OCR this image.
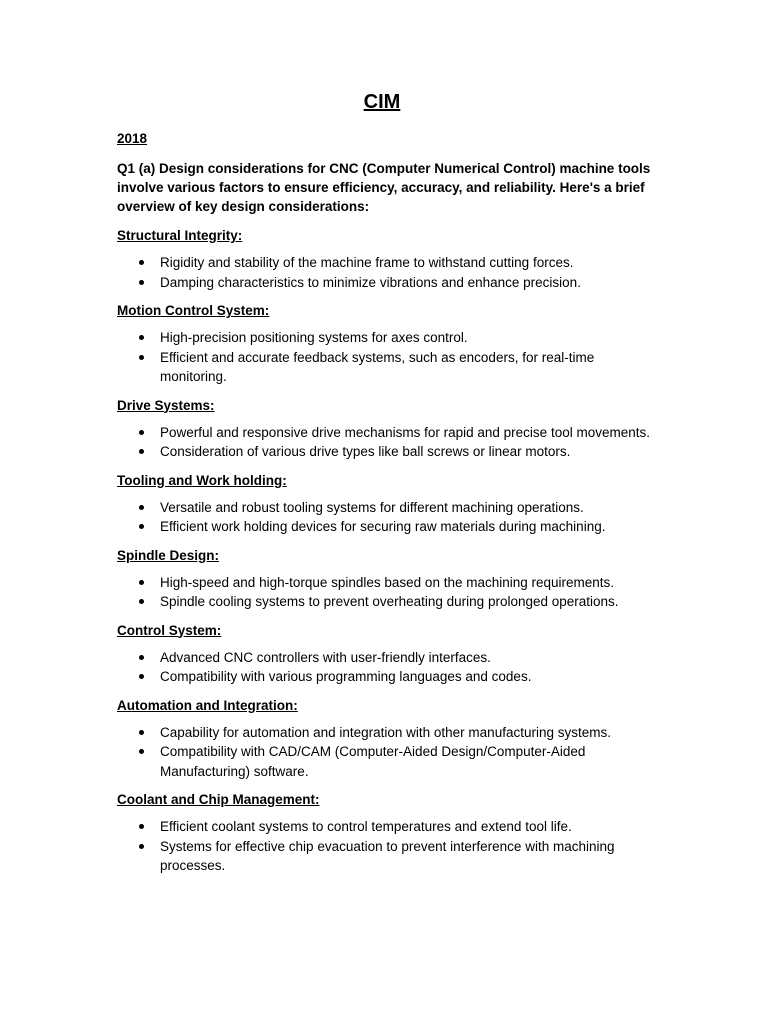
CIM
2018
Q1 (a) Design considerations for CNC (Computer Numerical Control) machine tools involve various factors to ensure efficiency, accuracy, and reliability. Here's a brief overview of key design considerations:
Structural Integrity:
Rigidity and stability of the machine frame to withstand cutting forces.
Damping characteristics to minimize vibrations and enhance precision.
Motion Control System:
High-precision positioning systems for axes control.
Efficient and accurate feedback systems, such as encoders, for real-time monitoring.
Drive Systems:
Powerful and responsive drive mechanisms for rapid and precise tool movements.
Consideration of various drive types like ball screws or linear motors.
Tooling and Work holding:
Versatile and robust tooling systems for different machining operations.
Efficient work holding devices for securing raw materials during machining.
Spindle Design:
High-speed and high-torque spindles based on the machining requirements.
Spindle cooling systems to prevent overheating during prolonged operations.
Control System:
Advanced CNC controllers with user-friendly interfaces.
Compatibility with various programming languages and codes.
Automation and Integration:
Capability for automation and integration with other manufacturing systems.
Compatibility with CAD/CAM (Computer-Aided Design/Computer-Aided Manufacturing) software.
Coolant and Chip Management:
Efficient coolant systems to control temperatures and extend tool life.
Systems for effective chip evacuation to prevent interference with machining processes.
